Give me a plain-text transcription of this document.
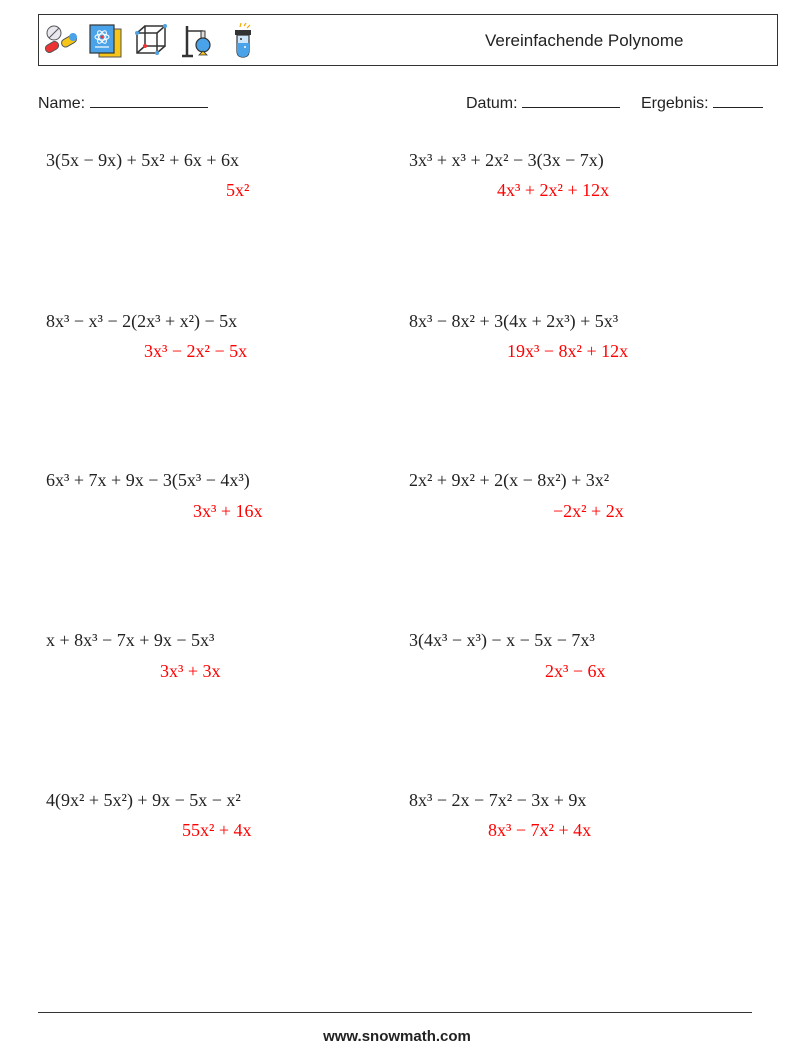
Vereinfachende Polynome
Name:	Datum:	Ergebnis:
3(5x − 9x) + 5x² + 6x + 6x
5x²
3x³ + x³ + 2x² − 3(3x − 7x)
4x³ + 2x² + 12x
8x³ − x³ − 2(2x³ + x²) − 5x
3x³ − 2x² − 5x
8x³ − 8x² + 3(4x + 2x³) + 5x³
19x³ − 8x² + 12x
6x³ + 7x + 9x − 3(5x³ − 4x³)
3x³ + 16x
2x² + 9x² + 2(x − 8x²) + 3x²
−2x² + 2x
x + 8x³ − 7x + 9x − 5x³
3x³ + 3x
3(4x³ − x³) − x − 5x − 7x³
2x³ − 6x
4(9x² + 5x²) + 9x − 5x − x²
55x² + 4x
8x³ − 2x − 7x² − 3x + 9x
8x³ − 7x² + 4x
www.snowmath.com
